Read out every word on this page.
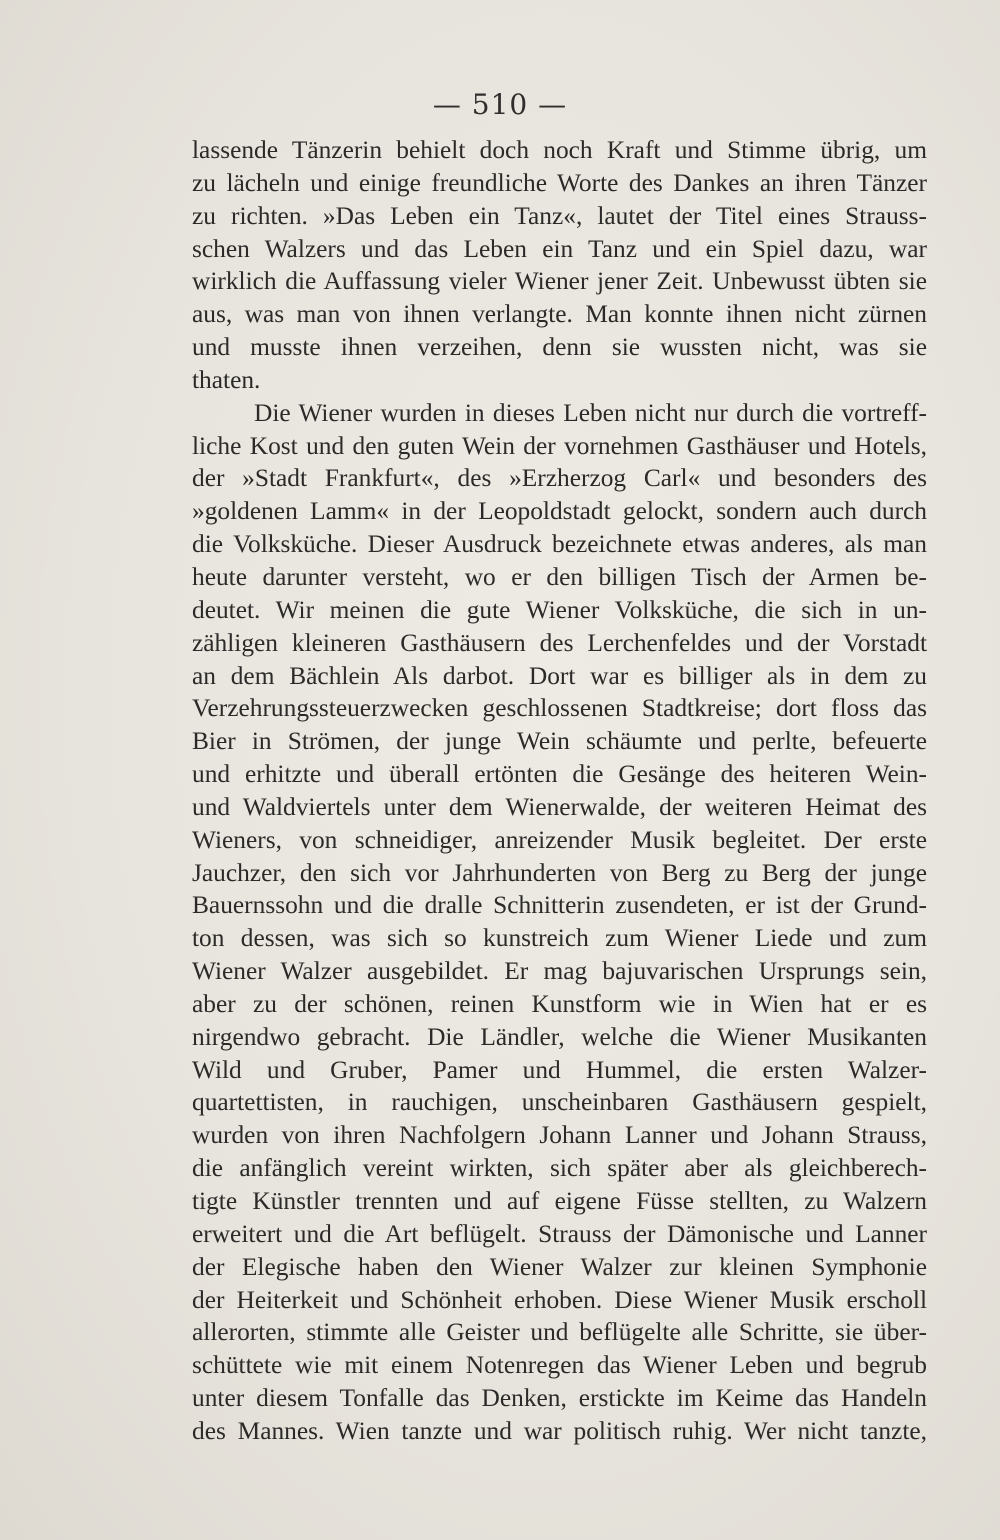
— 510 —
lassende Tänzerin behielt doch noch Kraft und Stimme übrig, um
zu lächeln und einige freundliche Worte des Dankes an ihren Tänzer
zu richten. »Das Leben ein Tanz«, lautet der Titel eines Strauss-
schen Walzers und das Leben ein Tanz und ein Spiel dazu, war
wirklich die Auffassung vieler Wiener jener Zeit. Unbewusst übten sie
aus, was man von ihnen verlangte. Man konnte ihnen nicht zürnen
und musste ihnen verzeihen, denn sie wussten nicht, was sie
thaten.
Die Wiener wurden in dieses Leben nicht nur durch die vortreff-
liche Kost und den guten Wein der vornehmen Gasthäuser und Hotels,
der »Stadt Frankfurt«, des »Erzherzog Carl« und besonders des
»goldenen Lamm« in der Leopoldstadt gelockt, sondern auch durch
die Volksküche. Dieser Ausdruck bezeichnete etwas anderes, als man
heute darunter versteht, wo er den billigen Tisch der Armen be-
deutet. Wir meinen die gute Wiener Volksküche, die sich in un-
zähligen kleineren Gasthäusern des Lerchenfeldes und der Vorstadt
an dem Bächlein Als darbot. Dort war es billiger als in dem zu
Verzehrungssteuerzwecken geschlossenen Stadtkreise; dort floss das
Bier in Strömen, der junge Wein schäumte und perlte, befeuerte
und erhitzte und überall ertönten die Gesänge des heiteren Wein-
und Waldviertels unter dem Wienerwalde, der weiteren Heimat des
Wieners, von schneidiger, anreizender Musik begleitet. Der erste
Jauchzer, den sich vor Jahrhunderten von Berg zu Berg der junge
Bauernssohn und die dralle Schnitterin zusendeten, er ist der Grund-
ton dessen, was sich so kunstreich zum Wiener Liede und zum
Wiener Walzer ausgebildet. Er mag bajuvarischen Ursprungs sein,
aber zu der schönen, reinen Kunstform wie in Wien hat er es
nirgendwo gebracht. Die Ländler, welche die Wiener Musikanten
Wild und Gruber, Pamer und Hummel, die ersten Walzer-
quartettisten, in rauchigen, unscheinbaren Gasthäusern gespielt,
wurden von ihren Nachfolgern Johann Lanner und Johann Strauss,
die anfänglich vereint wirkten, sich später aber als gleichberech-
tigte Künstler trennten und auf eigene Füsse stellten, zu Walzern
erweitert und die Art beflügelt. Strauss der Dämonische und Lanner
der Elegische haben den Wiener Walzer zur kleinen Symphonie
der Heiterkeit und Schönheit erhoben. Diese Wiener Musik erscholl
allerorten, stimmte alle Geister und beflügelte alle Schritte, sie über-
schüttete wie mit einem Notenregen das Wiener Leben und begrub
unter diesem Tonfalle das Denken, erstickte im Keime das Handeln
des Mannes. Wien tanzte und war politisch ruhig. Wer nicht tanzte,
